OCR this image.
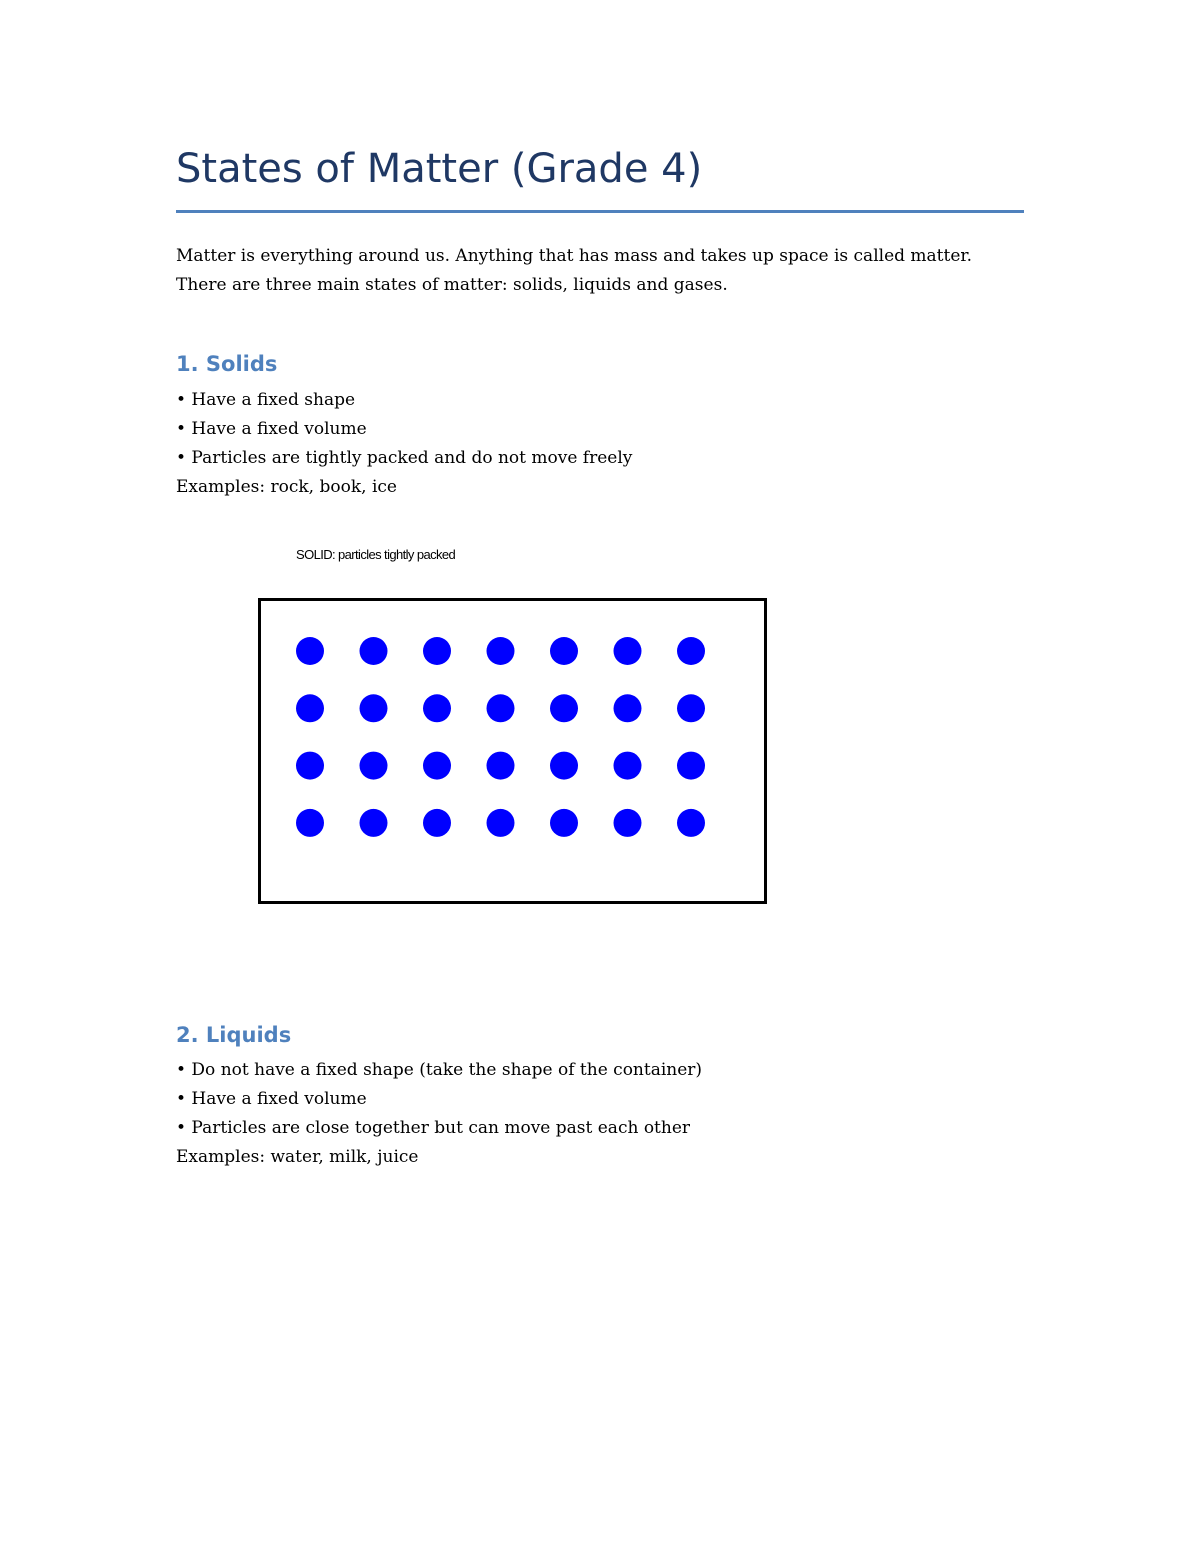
States of Matter (Grade 4)
Matter is everything around us. Anything that has mass and takes up space is called matter.
There are three main states of matter: solids, liquids and gases.
1. Solids
• Have a fixed shape
• Have a fixed volume
• Particles are tightly packed and do not move freely
Examples: rock, book, ice
SOLID: particles tightly packed
2. Liquids
• Do not have a fixed shape (take the shape of the container)
• Have a fixed volume
• Particles are close together but can move past each other
Examples: water, milk, juice
